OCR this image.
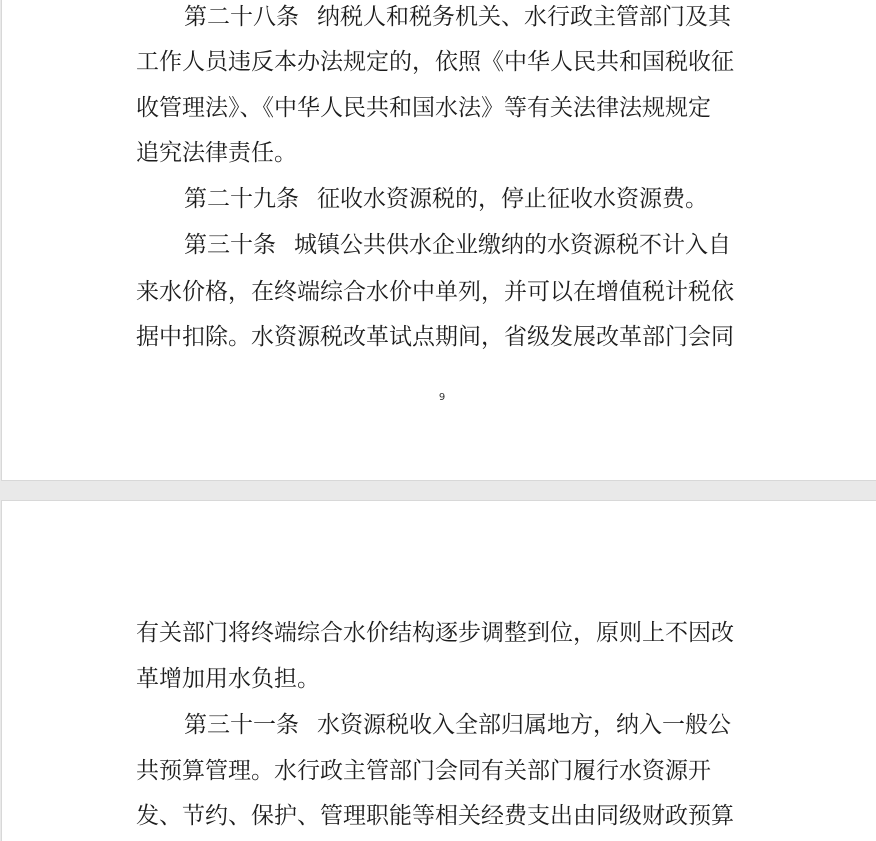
第二十八条 纳税人和税务机关、水行政主管部门及其
工作人员违反本办法规定的，依照《中华人民共和国税收征
收管理法》、《中华人民共和国水法》等有关法律法规规定
追究法律责任。
第二十九条 征收水资源税的，停止征收水资源费。
第三十条 城镇公共供水企业缴纳的水资源税不计入自
来水价格，在终端综合水价中单列，并可以在增值税计税依
据中扣除。水资源税改革试点期间，省级发展改革部门会同
9
有关部门将终端综合水价结构逐步调整到位，原则上不因改
革增加用水负担。
第三十一条 水资源税收入全部归属地方，纳入一般公
共预算管理。水行政主管部门会同有关部门履行水资源开
发、节约、保护、管理职能等相关经费支出由同级财政预算
